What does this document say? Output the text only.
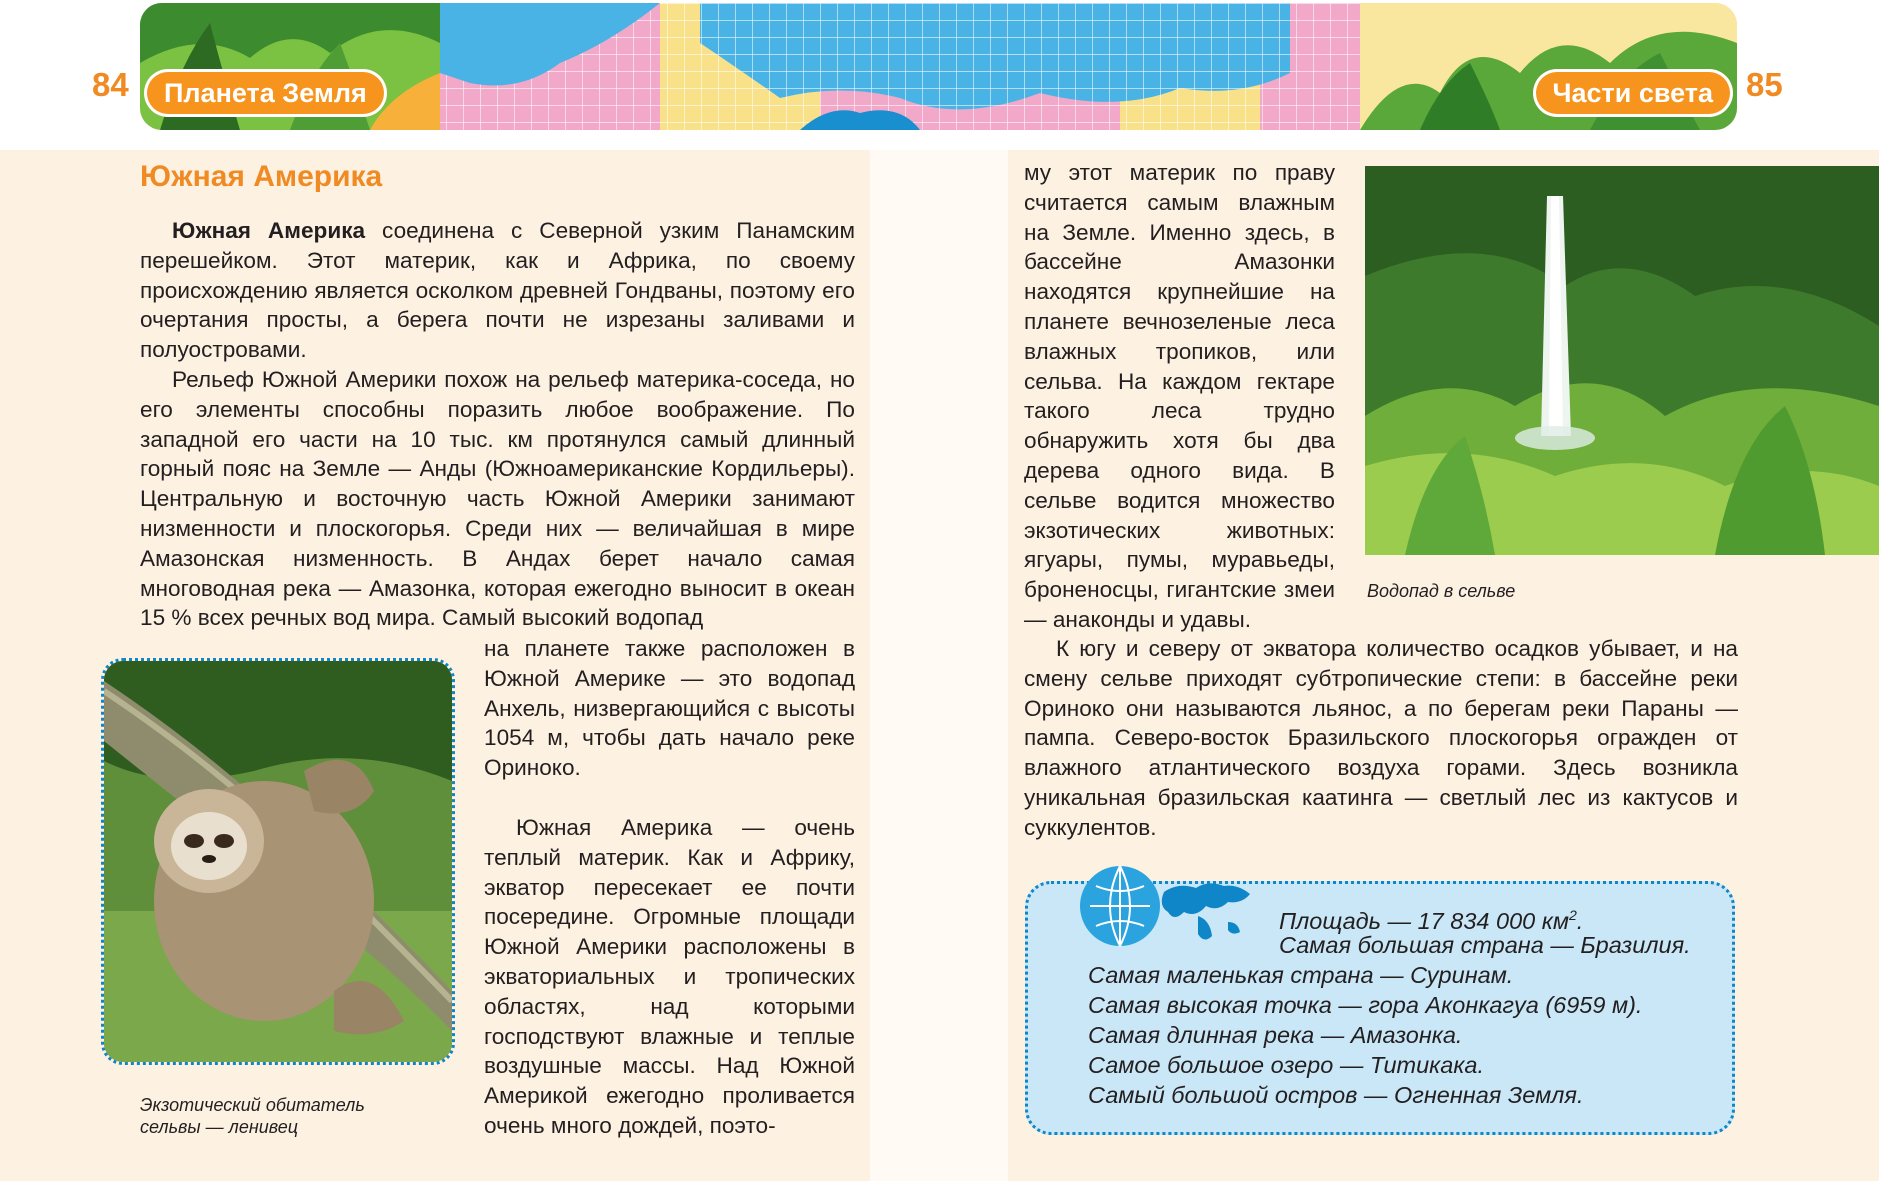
84	85
Планета Земля	Части света
Южная Америка

Южная Америка соединена с Северной узким Панамским перешейком. Этот материк, как и Африка, по своему происхождению является осколком древней Гондваны, поэтому его очертания просты, а берега почти не изрезаны заливами и полуостровами.

Рельеф Южной Америки похож на рельеф материка-соседа, но его элементы способны поразить любое воображение. По западной его части на 10 тыс. км протянулся самый длинный горный пояс на Земле — Анды (Южноамериканские Кордильеры). Центральную и восточную часть Южной Америки занимают низменности и плоскогорья. Среди них — величайшая в мире Амазонская низменность. В Андах берет начало самая многоводная река — Амазонка, которая ежегодно выносит в океан 15 % всех речных вод мира. Самый высокий водопад

на планете также расположен в Южной Америке — это водопад Анхель, низвергающийся с высоты 1054 м, чтобы дать начало реке Ориноко.

Южная Америка — очень теплый материк. Как и Африку, экватор пересекает ее почти посередине. Огромные площади Южной Америки расположены в экваториальных и тропических областях, над которыми господствуют влажные и теплые воздушные массы. Над Южной Америкой ежегодно проливается очень много дождей, поэто-

Экзотический обитатель
сельвы — ленивец

му этот материк по праву считается самым влажным на Земле. Именно здесь, в бассейне Амазонки находятся крупнейшие на планете вечнозеленые леса влажных тропиков, или сельва. На каждом гектаре такого леса трудно обнаружить хотя бы два дерева одного вида. В сельве водится множество экзотических животных: ягуары, пумы, муравьеды, броненосцы, гигантские змеи — анаконды и удавы.

Водопад в сельве

К югу и северу от экватора количество осадков убывает, и на смену сельве приходят субтропические степи: в бассейне реки Ориноко они называются льянос, а по берегам реки Параны — пампа. Северо-восток Бразильского плоскогорья огражден от влажного атлантического воздуха горами. Здесь возникла уникальная бразильская каатинга — светлый лес из кактусов и суккулентов.

Площадь — 17 834 000 $км^2$.
Самая большая страна — Бразилия.
Самая маленькая страна — Суринам.
Самая высокая точка — гора Аконкагуа (6959 м).
Самая длинная река — Амазонка.
Самое большое озеро — Титикака.
Самый большой остров — Огненная Земля.
